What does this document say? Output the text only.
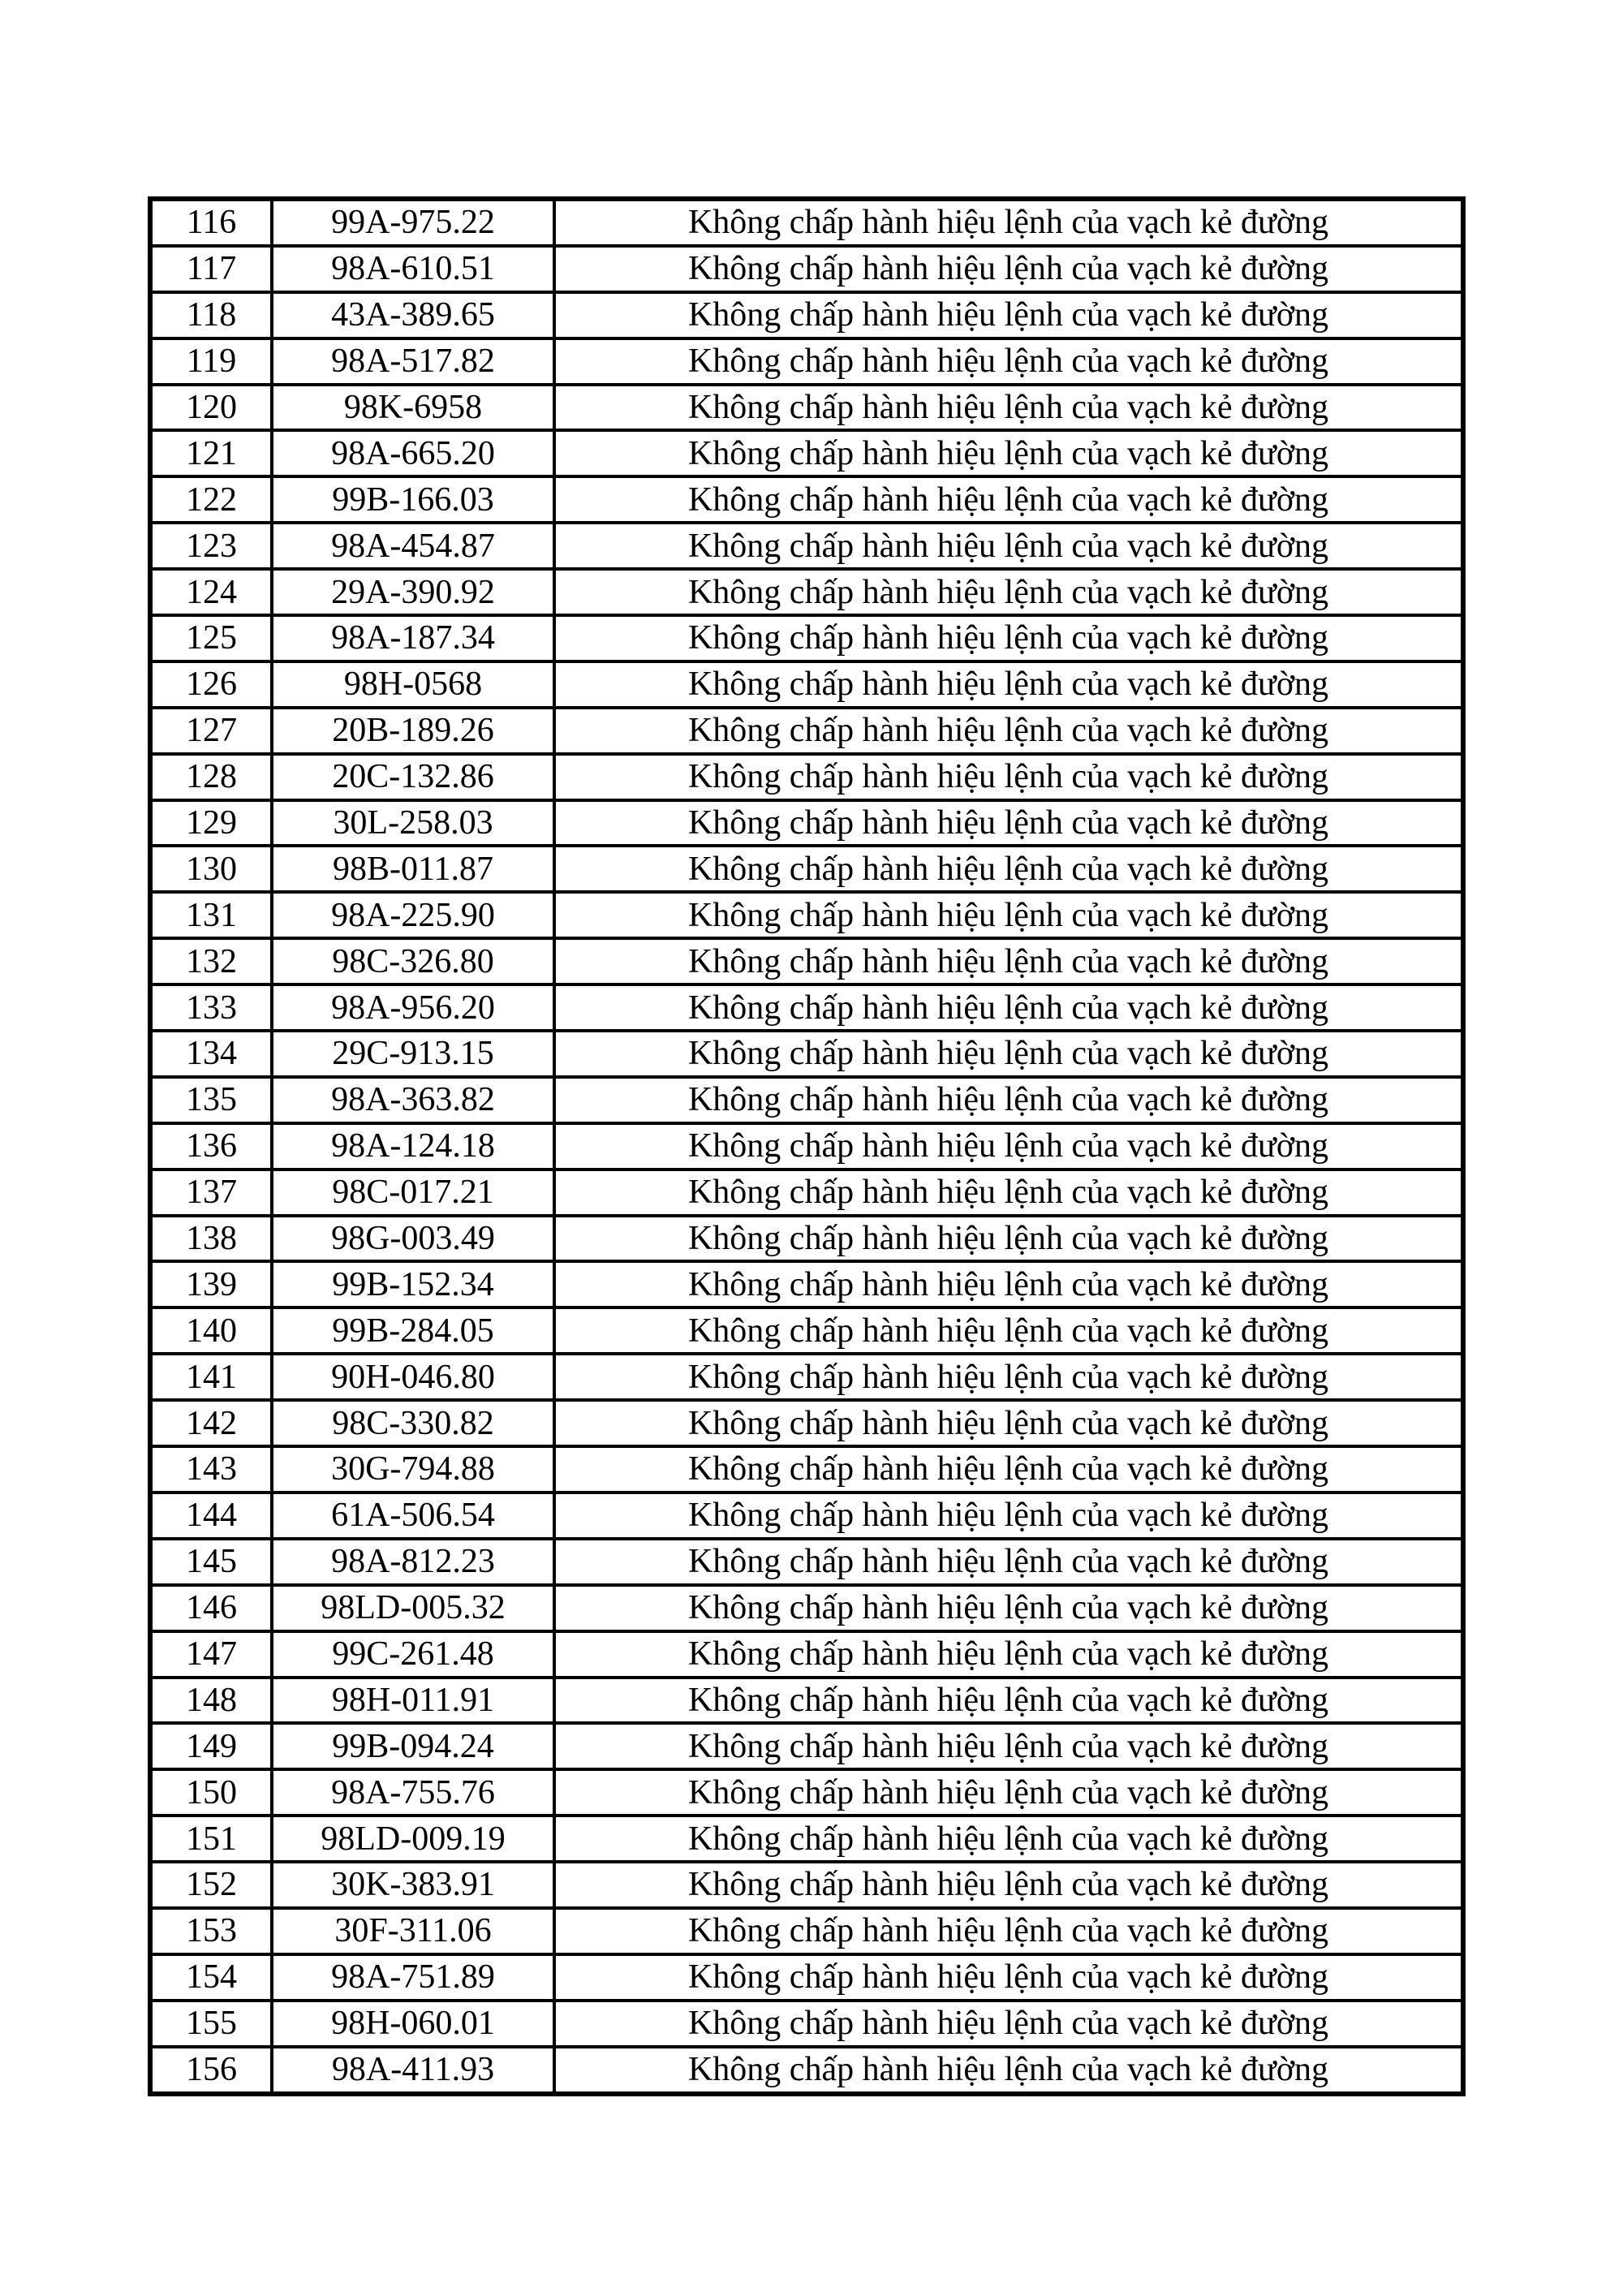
116	99A-975.22	Không chấp hành hiệu lệnh của vạch kẻ đường
117	98A-610.51	Không chấp hành hiệu lệnh của vạch kẻ đường
118	43A-389.65	Không chấp hành hiệu lệnh của vạch kẻ đường
119	98A-517.82	Không chấp hành hiệu lệnh của vạch kẻ đường
120	98K-6958	Không chấp hành hiệu lệnh của vạch kẻ đường
121	98A-665.20	Không chấp hành hiệu lệnh của vạch kẻ đường
122	99B-166.03	Không chấp hành hiệu lệnh của vạch kẻ đường
123	98A-454.87	Không chấp hành hiệu lệnh của vạch kẻ đường
124	29A-390.92	Không chấp hành hiệu lệnh của vạch kẻ đường
125	98A-187.34	Không chấp hành hiệu lệnh của vạch kẻ đường
126	98H-0568	Không chấp hành hiệu lệnh của vạch kẻ đường
127	20B-189.26	Không chấp hành hiệu lệnh của vạch kẻ đường
128	20C-132.86	Không chấp hành hiệu lệnh của vạch kẻ đường
129	30L-258.03	Không chấp hành hiệu lệnh của vạch kẻ đường
130	98B-011.87	Không chấp hành hiệu lệnh của vạch kẻ đường
131	98A-225.90	Không chấp hành hiệu lệnh của vạch kẻ đường
132	98C-326.80	Không chấp hành hiệu lệnh của vạch kẻ đường
133	98A-956.20	Không chấp hành hiệu lệnh của vạch kẻ đường
134	29C-913.15	Không chấp hành hiệu lệnh của vạch kẻ đường
135	98A-363.82	Không chấp hành hiệu lệnh của vạch kẻ đường
136	98A-124.18	Không chấp hành hiệu lệnh của vạch kẻ đường
137	98C-017.21	Không chấp hành hiệu lệnh của vạch kẻ đường
138	98G-003.49	Không chấp hành hiệu lệnh của vạch kẻ đường
139	99B-152.34	Không chấp hành hiệu lệnh của vạch kẻ đường
140	99B-284.05	Không chấp hành hiệu lệnh của vạch kẻ đường
141	90H-046.80	Không chấp hành hiệu lệnh của vạch kẻ đường
142	98C-330.82	Không chấp hành hiệu lệnh của vạch kẻ đường
143	30G-794.88	Không chấp hành hiệu lệnh của vạch kẻ đường
144	61A-506.54	Không chấp hành hiệu lệnh của vạch kẻ đường
145	98A-812.23	Không chấp hành hiệu lệnh của vạch kẻ đường
146	98LD-005.32	Không chấp hành hiệu lệnh của vạch kẻ đường
147	99C-261.48	Không chấp hành hiệu lệnh của vạch kẻ đường
148	98H-011.91	Không chấp hành hiệu lệnh của vạch kẻ đường
149	99B-094.24	Không chấp hành hiệu lệnh của vạch kẻ đường
150	98A-755.76	Không chấp hành hiệu lệnh của vạch kẻ đường
151	98LD-009.19	Không chấp hành hiệu lệnh của vạch kẻ đường
152	30K-383.91	Không chấp hành hiệu lệnh của vạch kẻ đường
153	30F-311.06	Không chấp hành hiệu lệnh của vạch kẻ đường
154	98A-751.89	Không chấp hành hiệu lệnh của vạch kẻ đường
155	98H-060.01	Không chấp hành hiệu lệnh của vạch kẻ đường
156	98A-411.93	Không chấp hành hiệu lệnh của vạch kẻ đường
